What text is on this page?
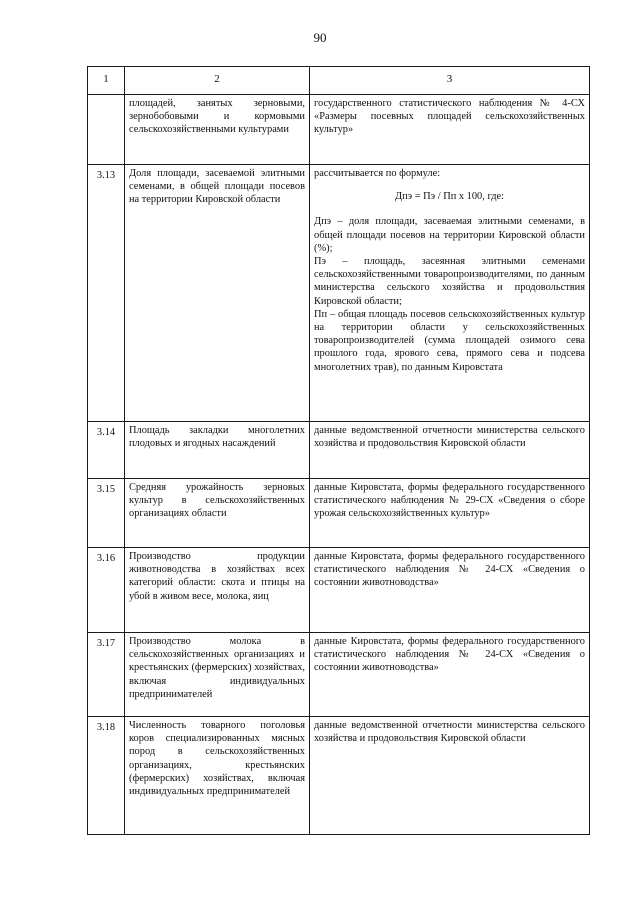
90
1	2	3
	площадей, занятых зерновыми, зернобобовыми и кормовыми сельскохозяйственными культурами	государственного статистического наблюдения № 4-СХ «Размеры посевных площадей сельскохозяйственных культур»
3.13	Доля площади, засеваемой элитными семенами, в общей площади посевов на территории Кировской области	рассчитывается по формуле:

Дпэ = Пэ / Пп х 100, где:

Дпэ – доля площади, засеваемая элитными семенами, в общей площади посевов на территории Кировской области (%);

Пэ – площадь, засеянная элитными семенами сельскохозяйственными товаропроизводителями, по данным министерства сельского хозяйства и продовольствия Кировской области;

Пп – общая площадь посевов сельскохозяйственных культур на территории области у сельскохозяйственных товаропроизводителей (сумма площадей озимого сева прошлого года, ярового сева, прямого сева и подсева многолетних трав), по данным Кировстата

3.14	Площадь закладки многолетних плодовых и ягодных насаждений	данные ведомственной отчетности министерства сельского хозяйства и продовольствия Кировской области
3.15	Средняя урожайность зерновых культур в сельскохозяйственных организациях области	данные Кировстата, формы федерального государственного статистического наблюдения № 29-СХ «Сведения о сборе урожая сельскохозяйственных культур»
3.16	Производство продукции животноводства в хозяйствах всех категорий области: скота и птицы на убой в живом весе, молока, яиц	данные Кировстата, формы федерального государственного статистического наблюдения № 24-СХ «Сведения о состоянии животноводства»
3.17	Производство молока в сельскохозяйственных организациях и крестьянских (фермерских) хозяйствах, включая индивидуальных предпринимателей	данные Кировстата, формы федерального государственного статистического наблюдения № 24-СХ «Сведения о состоянии животноводства»
3.18	Численность товарного поголовья коров специализированных мясных пород в сельскохозяйственных организациях, крестьянских (фермерских) хозяйствах, включая индивидуальных предпринимателей	данные ведомственной отчетности министерства сельского хозяйства и продовольствия Кировской области
